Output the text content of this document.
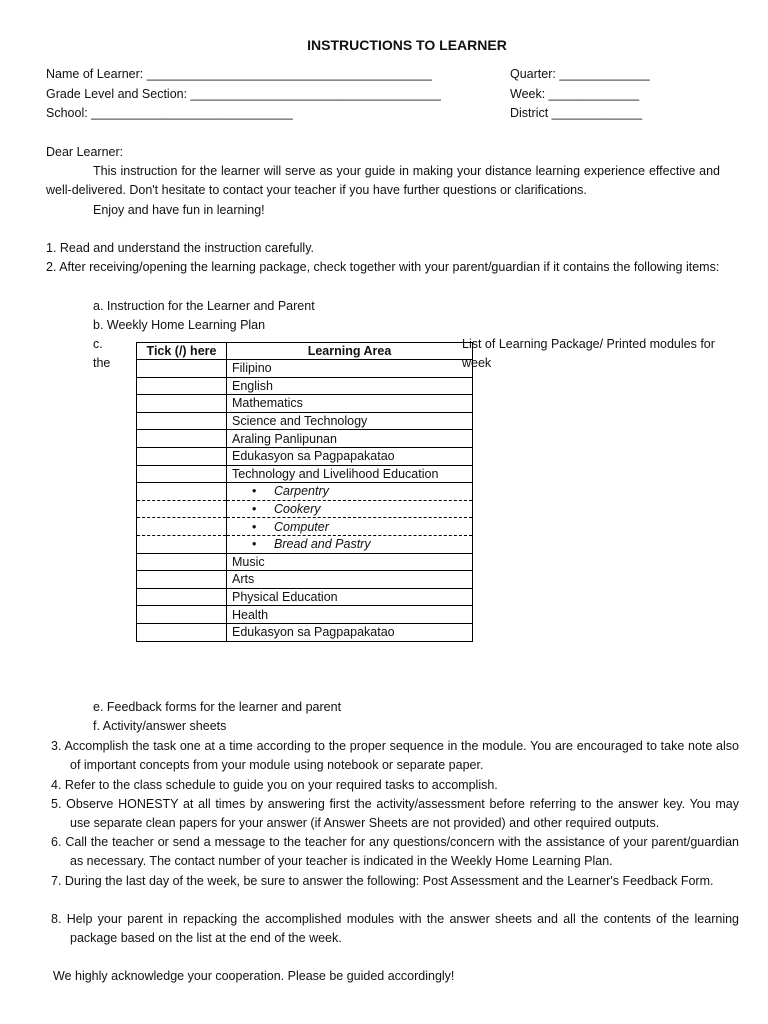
INSTRUCTIONS TO LEARNER
Name of Learner: _________________________________________
Grade Level and Section: ____________________________________
School: _____________________________
Quarter: _____________
Week: _____________
District _____________
Dear Learner:
This instruction for the learner will serve as your guide in making your distance learning experience effective and well-delivered. Don't hesitate to contact your teacher if you have further questions or clarifications.
Enjoy and have fun in learning!
1. Read and understand the instruction carefully.
2. After receiving/opening the learning package, check together with your parent/guardian if it contains the following items:
a. Instruction for the Learner and Parent
b. Weekly Home Learning Plan
c.
the
List of Learning Package/ Printed modules for
week
Tick (/) here	Learning Area
	Filipino
	English
	Mathematics
	Science and Technology
	Araling Panlipunan
	Edukasyon sa Pagpapakatao
	Technology and Livelihood Education
	• Carpentry
	• Cookery
	• Computer
	• Bread and Pastry
	Music
	Arts
	Physical Education
	Health
	Edukasyon sa Pagpapakatao
e. Feedback forms for the learner and parent
f. Activity/answer sheets
3. Accomplish the task one at a time according to the proper sequence in the module. You are encouraged to take note also of important concepts from your module using notebook or separate paper.
4. Refer to the class schedule to guide you on your required tasks to accomplish.
5. Observe HONESTY at all times by answering first the activity/assessment before referring to the answer key. You may use separate clean papers for your answer (if Answer Sheets are not provided) and other required outputs.
6. Call the teacher or send a message to the teacher for any questions/concern with the assistance of your parent/guardian as necessary. The contact number of your teacher is indicated in the Weekly Home Learning Plan.
7. During the last day of the week, be sure to answer the following: Post Assessment and the Learner's Feedback Form.
8. Help your parent in repacking the accomplished modules with the answer sheets and all the contents of the learning package based on the list at the end of the week.
We highly acknowledge your cooperation. Please be guided accordingly!
